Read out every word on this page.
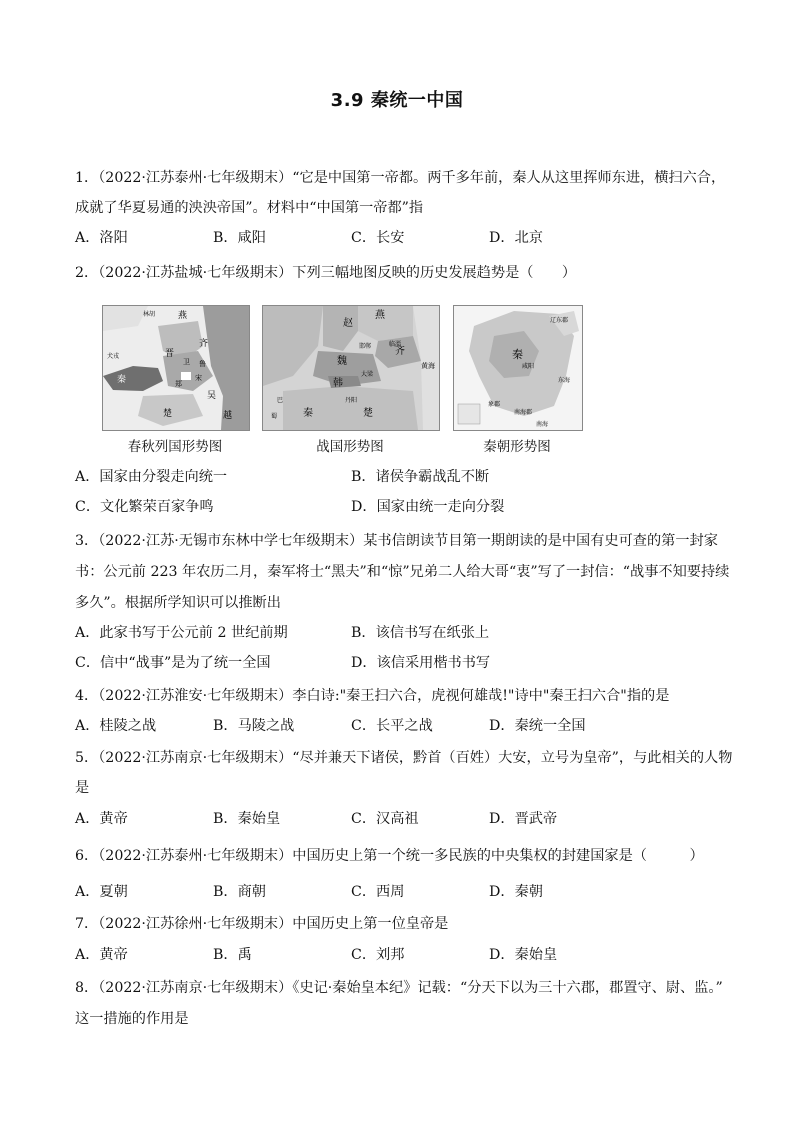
3.9 秦统一中国
1．（2022·江苏泰州·七年级期末）“它是中国第一帝都。两千多年前，秦人从这里挥师东进，横扫六合，
成就了华夏易通的泱泱帝国”。材料中“中国第一帝都”指
A．洛阳	B．咸阳	C．长安	D．北京
2．（2022·江苏盐城·七年级期末）下列三幅地图反映的历史发展趋势是（　　）
燕
齐
晋
秦
楚
吴
越
鲁
宋
郑
卫
林胡
犬戎
春秋列国形势图
燕
赵
齐
魏
韩
秦	楚
黄海
邯郸
大梁
临淄
巴
蜀
丹阳
战国形势图
辽东郡
秦
咸阳
南海郡
象郡
东海
南海
秦朝形势图
A．国家由分裂走向统一	B．诸侯争霸战乱不断
C．文化繁荣百家争鸣	D．国家由统一走向分裂
3．（2022·江苏·无锡市东林中学七年级期末）某书信朗读节目第一期朗读的是中国有史可查的第一封家
书：公元前 223 年农历二月，秦军将士“黑夫”和“惊”兄弟二人给大哥“衷”写了一封信：“战事不知要持续
多久”。根据所学知识可以推断出
A．此家书写于公元前 2 世纪前期	B．该信书写在纸张上
C．信中“战事”是为了统一全国	D．该信采用楷书书写
4．（2022·江苏淮安·七年级期末）李白诗:"秦王扫六合，虎视何雄哉!"诗中"秦王扫六合"指的是
A．桂陵之战	B．马陵之战	C．长平之战	D．秦统一全国
5．（2022·江苏南京·七年级期末）“尽并兼天下诸侯，黔首（百姓）大安，立号为皇帝”，与此相关的人物
是
A．黄帝	B．秦始皇	C．汉高祖	D．晋武帝
6．（2022·江苏泰州·七年级期末）中国历史上第一个统一多民族的中央集权的封建国家是（　　　）
A．夏朝	B．商朝	C．西周	D．秦朝
7．（2022·江苏徐州·七年级期末）中国历史上第一位皇帝是
A．黄帝	B．禹	C．刘邦	D．秦始皇
8．（2022·江苏南京·七年级期末）《史记·秦始皇本纪》记载：“分天下以为三十六郡，郡置守、尉、监。”
这一措施的作用是
